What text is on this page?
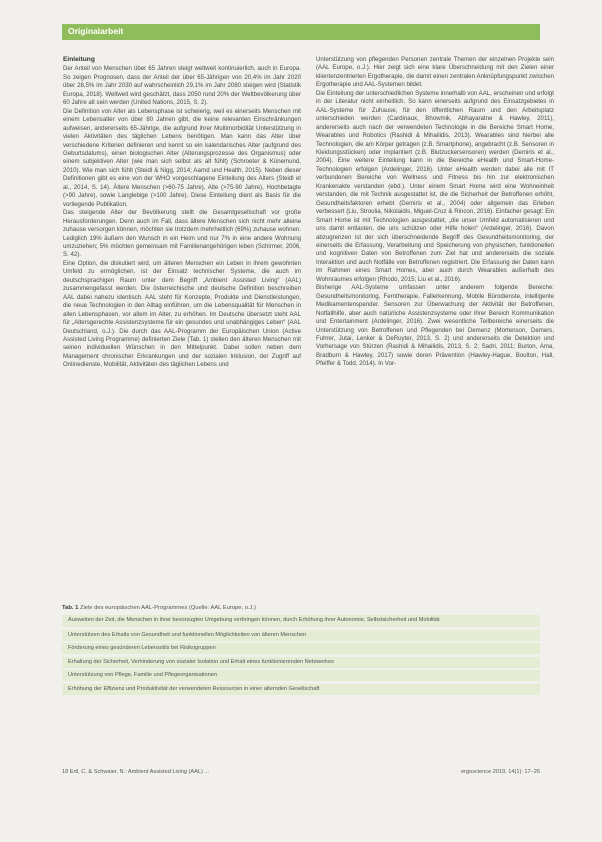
Originalarbeit
Einleitung

Der Anteil von Menschen über 65 Jahren steigt weltweit kontinuierlich, auch in Europa. So zeigen Prognosen, dass der Anteil der über 65-Jährigen von 20,4% im Jahr 2020 über 28,5% im Jahr 2030 auf wahrscheinlich 29,1% im Jahr 2080 steigen wird (Statistik Europa, 2018). Weltweit wird geschätzt, dass 2050 rund 20% der Weltbevölkerung über 60 Jahre alt sein werden (United Nations, 2015, S. 2).

Die Definition von Alter als Lebensphase ist schwierig, weil es einerseits Menschen mit einem Lebensalter von über 80 Jahren gibt, die keine relevanten Einschränkungen aufweisen, andererseits 65-Jährige, die aufgrund ihrer Multimorbidität Unterstützung in vielen Aktivitäten des täglichen Lebens benötigen. Man kann das Alter über verschiedene Kriterien definieren und kennt so ein kalendarisches Alter (aufgrund des Geburtsdatums), einen biologischen Alter (Alterungsprozesse des Organismus) oder einem subjektiven Alter (wie man sich selbst als alt fühlt) (Schroeter & Künemund, 2010). Wie man sich fühlt (Steidl & Nigg, 2014; Aarnd und Health, 2015). Neben dieser Definitionen gibt es eine von der WHO vorgeschlagene Einteilung des Alters (Steidl et al., 2014, S. 14). Ältere Menschen (>60-75 Jahre), Alte (>75-90 Jahre), Hochbetagte (>90 Jahre), sowie Langlebige (>100 Jahre). Diese Einteilung dient als Basis für die vorliegende Publikation.

Das steigende Alter der Bevölkerung stellt die Gesamtgesellschaft vor große Herausforderungen. Denn auch im Fall, dass ältere Menschen sich nicht mehr alleine zuhause versorgen können, möchten sie trotzdem mehrheitlich (69%) zuhause wohnen. Lediglich 19% äußern den Wunsch in ein Heim und nur 7% in eine andere Wohnung umzuziehen; 5% möchten gemeinsam mit Familienangehörigen leben (Schirmer, 2006, S. 42).

Eine Option, die diskutiert wird, um älteren Menschen ein Leben in ihrem gewohnten Umfeld zu ermöglichen, ist der Einsatz technischer Systeme, die auch im deutschsprachigen Raum unter dem Begriff „Ambient Assisted Living“ (AAL) zusammengefasst werden. Die österreichische und deutsche Definition beschreiben AAL dabei nahezu identisch. AAL steht für Konzepte, Produkte und Dienstleistungen, die neue Technologien in den Alltag einführen, um die Lebensqualität für Menschen in allen Lebensphasen, vor allem im Alter, zu erhöhen. Im Deutsche übersetzt steht AAL für „Altersgerechte Assistenzsysteme für ein gesundes und unabhängiges Leben“ (AAL Deutschland, o.J.). Die durch das AAL-Programm der Europäischen Union (Active Assisted Living Programme) definierten Ziele (Tab. 1) stellen den älteren Menschen mit seinen individuellen Wünschen in den Mittelpunkt. Dabei sollen neben dem Management chronischer Erkrankungen und der sozialen Inklusion, der Zugriff auf Onlinedienste, Mobilität, Aktivitäten des täglichen Lebens und

Unterstützung von pflegenden Personen zentrale Themen der einzelnen Projekte sein (AAL Europe, o.J.). Hier zeigt sich eine klare Überschneidung mit den Zielen einer klientenzentrierten Ergotherapie, die damit einen zentralen Anknüpfungspunkt zwischen Ergotherapie und AAL-Systemen bildet.

Die Einteilung der unterschiedlichen Systeme innerhalb von AAL, erscheinen und erfolgt in der Literatur nicht einheitlich. So kann einerseits aufgrund des Einsatzgebietes in AAL-Systeme für Zuhause, für den öffentlichen Raum und den Arbeitsplatz unterschieden werden (Cardinaux, Bhowmik, Abhayaratne & Hawley, 2011), andererseits auch nach der verwendeten Technologie in die Bereiche Smart Home, Wearables und Robotics (Rashidi & Mihailidis, 2013). Wearables sind hierbei alle Technologien, die am Körper getragen (z.B. Smartphone), angebracht (z.B. Sensoren in Kleidungsstücken) oder implantiert (z.B. Blutzuckersensoren) werden (Demiris et al., 2004). Eine weitere Einteilung kann in die Bereiche eHealth und Smart-Home-Technologien erfolgen (Ardelinger, 2016). Unter eHealth werden dabei alle mit IT verbundenen Bereiche von Wellness und Fitness bis hin zur elektronischen Krankenakte verstanden (ebd.). Unter einem Smart Home wird eine Wohneinheit verstanden, die mit Technik ausgestattet ist, die die Sicherheit der Betroffenen erhöht, Gesundheitsfaktoren erhebt (Demiris et al., 2004) oder allgemein das Erleben verbessert (Liu, Stroulia, Nikolaidis, Miguel-Cruz & Rincon, 2016). Einfacher gesagt: Ein Smart Home ist mit Technologien ausgestattet, „die unser Umfeld automatisieren und uns damit entlasten, die uns schützen oder Hilfe holen“ (Ardelinger, 2016). Davon abzugrenzen ist der sich überschneidende Begriff des Gesundheitsmonitoring, der einerseits die Erfassung, Verarbeitung und Speicherung von physischen, funktionellen und kognitiven Daten von Betroffenen zum Ziel hat und andererseits die soziale Interaktion und auch Notfälle von Betroffenen registriert. Die Erfassung der Daten kann im Rahmen eines Smart Homes, aber auch durch Wearables außerhalb des Wohnraumes erfolgen (Rhodo, 2015; Liu et al., 2016).

Bisherige AAL-Systeme umfassen unter anderem folgende Bereiche: Gesundheitsmonitoring, Ferntherapie, Fallerkennung, Mobile Bürodienste, intelligente Medikamentenspender. Sensoren zur Überwachung der Aktivität der Betroffenen, Notfallhilfe, aber auch natürliche Assistenzsysteme oder ihrer Bereich Kommunikation und Entertainment (Ardelinger, 2016). Zwei wesentliche Teilbereiche einerseits die Unterstützung von Betroffenen und Pflegenden bei Demenz (Mortenson, Demers, Fuhrer, Jutai, Lenker & DeRuyter, 2013, S. 2) und andererseits die Detektion und Vorhersage von Stürzen (Rashidi & Mihailidis, 2013, S. 2; Sadri, 2011; Burton, Ama, Bradburn & Hawley, 2017) sowie deren Prävention (Hawley-Hague, Boulton, Hall, Pfeiffer & Todd, 2014). In Vor-

Tab. 1 Ziele des europäischen AAL-Programmes (Quelle: AAL Europe, o.J.)
Ausweiten der Zeit, die Menschen in ihrer bevorzugten Umgebung verbringen können, durch Erhöhung ihrer Autonomie, Selbstsicherheit und Mobilität
Unterstützen des Erhalts von Gesundheit und funktionellen Möglichkeiten von älteren Menschen
Förderung eines gesünderen Lebensstils bei Risikogruppen
Erhaltung der Sicherheit, Verhinderung von sozialer Isolation und Erhalt eines funktionierenden Netzwerkes
Unterstützung von Pflege, Familie und Pflegeorganisationen
Erhöhung der Effizienz und Produktivität der verwendeten Ressourcen in einer alternden Gesellschaft
18 Ertl, C. & Schwaier, N.: Ambient Assisted Living (AAL) ...	ergoscience 2019, 14(1): 17–26
